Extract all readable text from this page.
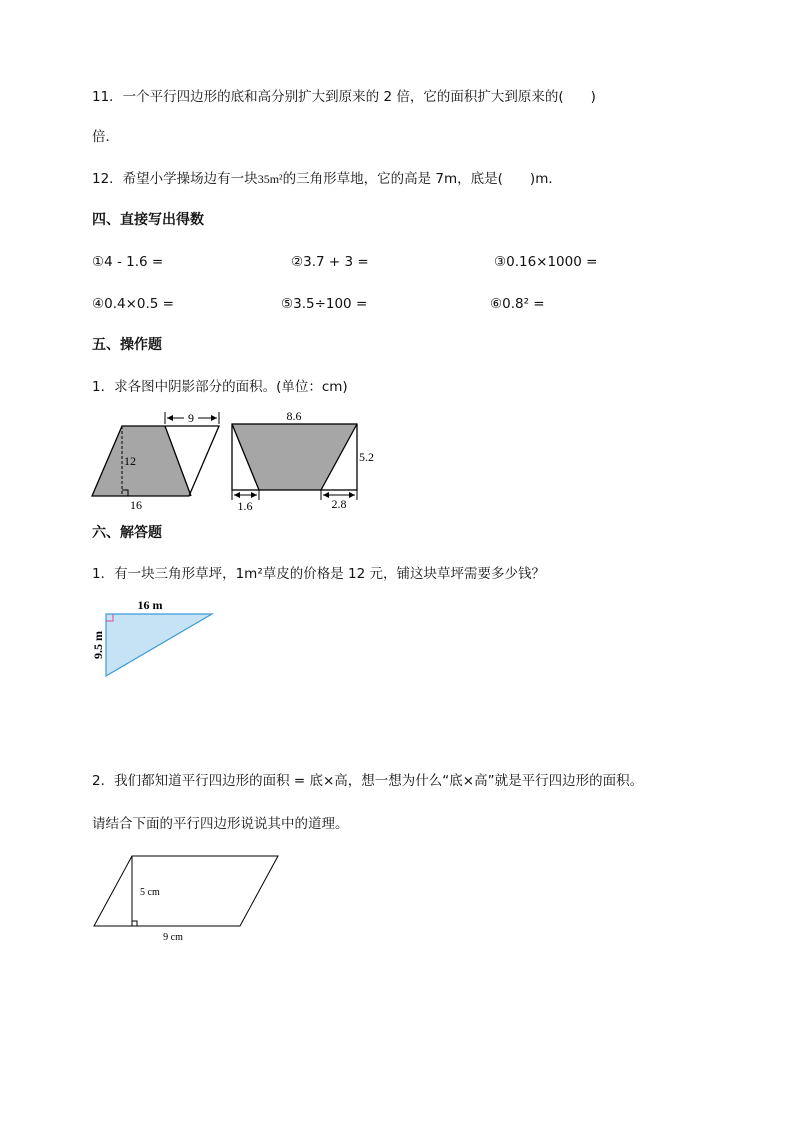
11．一个平行四边形的底和高分别扩大到原来的 2 倍，它的面积扩大到原来的(　　)
倍．
12．希望小学操场边有一块35m²的三角形草地，它的高是 7m，底是(　　)m．
四、直接写出得数
①4 - 1.6 =	②3.7 + 3 =	③0.16×1000 =
④0.4×0.5 =	⑤3.5÷100 =	⑥0.8² =
五、操作题
1．求各图中阴影部分的面积。(单位：cm)
9
12
16
8.6
5.2
1.6	2.8
六、解答题
1．有一块三角形草坪，1m²草皮的价格是 12 元，铺这块草坪需要多少钱？
16 m
9.5 m
2．我们都知道平行四边形的面积 = 底×高，想一想为什么“底×高”就是平行四边形的面积。
请结合下面的平行四边形说说其中的道理。
5 cm
9 cm
